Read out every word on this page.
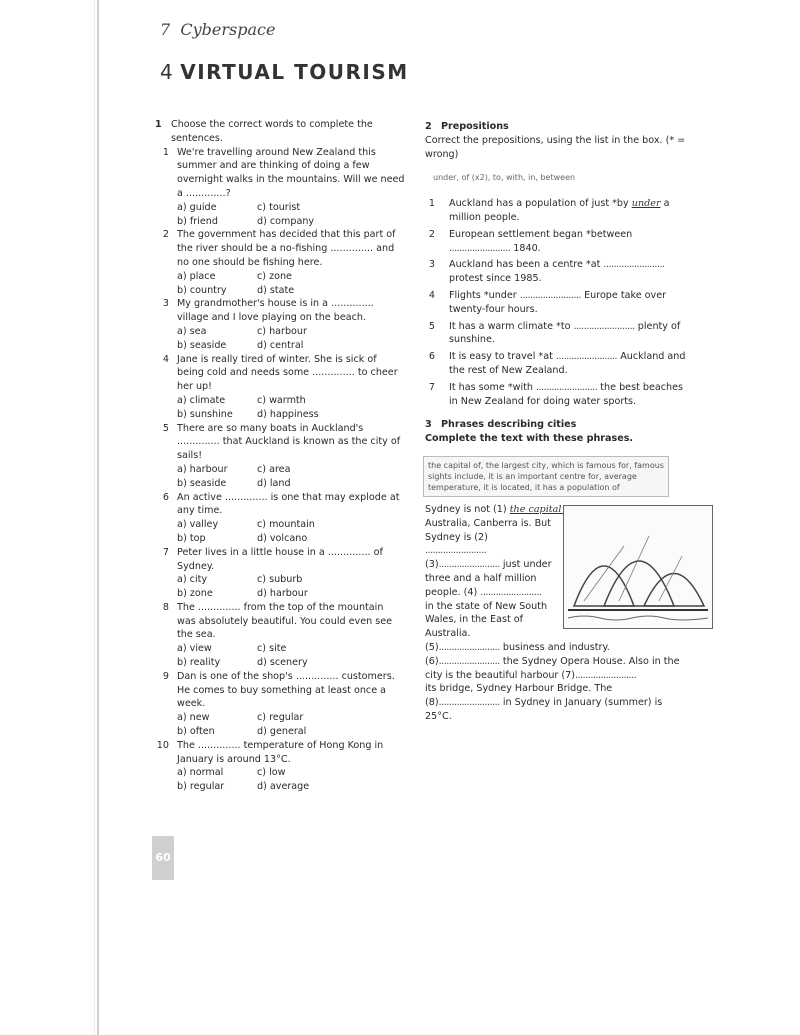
7 Cyberspace
4 VIRTUAL TOURISM
1 Choose the correct words to complete the sentences.
1 We're travelling around New Zealand this summer and are thinking of doing a few overnight walks in the mountains. Will we need a .............?
a) guide	c) tourist
b) friend	d) company
2 The government has decided that this part of the river should be a no-fishing .............. and no one should be fishing here.
a) place	c) zone
b) country	d) state
3 My grandmother's house is in a .............. village and I love playing on the beach.
a) sea	c) harbour
b) seaside	d) central
4 Jane is really tired of winter. She is sick of being cold and needs some .............. to cheer her up!
a) climate	c) warmth
b) sunshine	d) happiness
5 There are so many boats in Auckland's .............. that Auckland is known as the city of sails!
a) harbour	c) area
b) seaside	d) land
6 An active .............. is one that may explode at any time.
a) valley	c) mountain
b) top	d) volcano
7 Peter lives in a little house in a .............. of Sydney.
a) city	c) suburb
b) zone	d) harbour
8 The .............. from the top of the mountain was absolutely beautiful. You could even see the sea.
a) view	c) site
b) reality	d) scenery
9 Dan is one of the shop's .............. customers. He comes to buy something at least once a week.
a) new	c) regular
b) often	d) general
10 The .............. temperature of Hong Kong in January is around 13°C.
a) normal	c) low
b) regular	d) average
2 Prepositions
Correct the prepositions, using the list in the box. (* = wrong)
under, of (x2), to, with, in, between
1	Auckland has a population of just *by under a million people.
2	European settlement began *between ........................ 1840.
3	Auckland has been a centre *at ........................ protest since 1985.
4	Flights *under ........................ Europe take over twenty-four hours.
5	It has a warm climate *to ........................ plenty of sunshine.
6	It is easy to travel *at ........................ Auckland and the rest of New Zealand.
7	It has some *with ........................ the best beaches in New Zealand for doing water sports.
3 Phrases describing cities
Complete the text with these phrases.
the capital of, the largest city, which is famous for, famous sights include, it is an important centre for, average temperature, it is located, it has a population of

Sydney is not (1) the capital of

Australia, Canberra is. But Sydney is (2)

........................

(3)........................ just under three and a half million people. (4) ........................

in the state of New South Wales, in the East of Australia.

(5)........................ business and industry.

(6)........................ the Sydney Opera House. Also in the city is the beautiful harbour (7)........................

its bridge, Sydney Harbour Bridge. The

(8)........................ in Sydney in January (summer) is 25°C.

60
